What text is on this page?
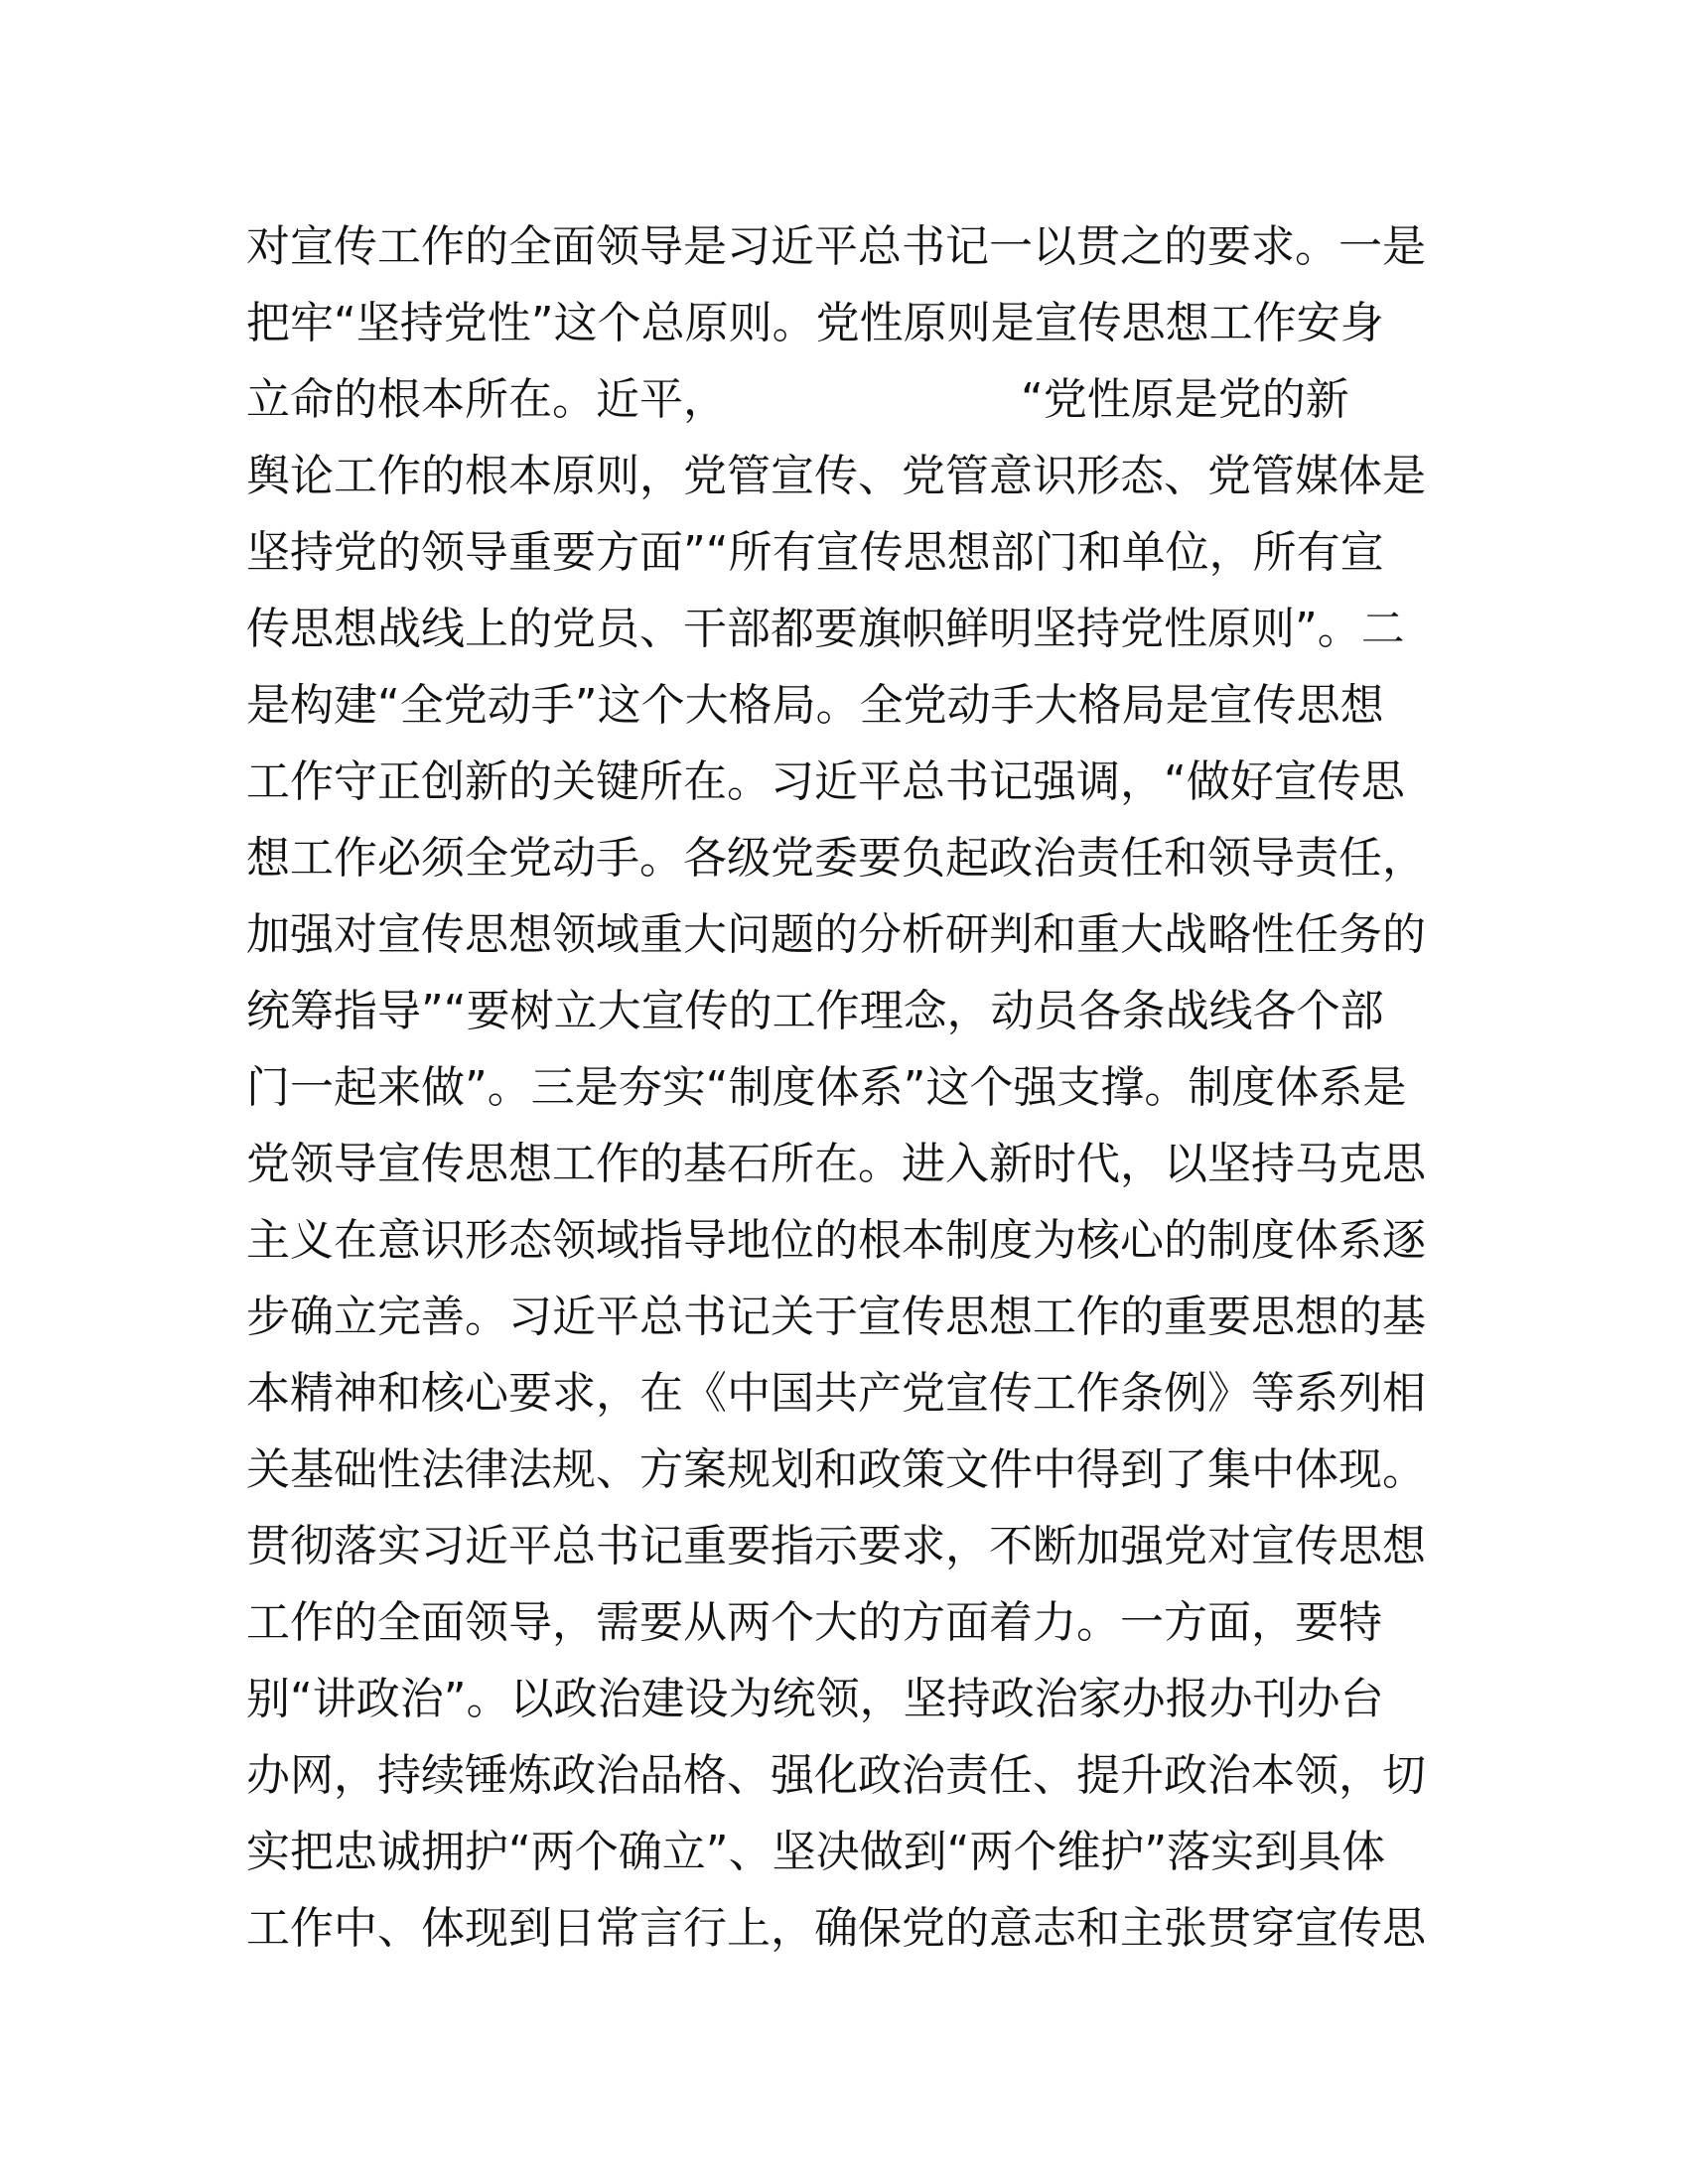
对宣传工作的全面领导是习近平总书记一以贯之的要求。一是
把牢“坚持党性”这个总原则。党性原则是宣传思想工作安身
立命的根本所在。近平，	“党性原是党的新
舆论工作的根本原则，党管宣传、党管意识形态、党管媒体是
坚持党的领导重要方面”“所有宣传思想部门和单位，所有宣
传思想战线上的党员、干部都要旗帜鲜明坚持党性原则”。二
是构建“全党动手”这个大格局。全党动手大格局是宣传思想
工作守正创新的关键所在。习近平总书记强调，“做好宣传思
想工作必须全党动手。各级党委要负起政治责任和领导责任，
加强对宣传思想领域重大问题的分析研判和重大战略性任务的
统筹指导”“要树立大宣传的工作理念，动员各条战线各个部
门一起来做”。三是夯实“制度体系”这个强支撑。制度体系是
党领导宣传思想工作的基石所在。进入新时代，以坚持马克思
主义在意识形态领域指导地位的根本制度为核心的制度体系逐
步确立完善。习近平总书记关于宣传思想工作的重要思想的基
本精神和核心要求，在《中国共产党宣传工作条例》等系列相
关基础性法律法规、方案规划和政策文件中得到了集中体现。
贯彻落实习近平总书记重要指示要求，不断加强党对宣传思想
工作的全面领导，需要从两个大的方面着力。一方面，要特
别“讲政治”。以政治建设为统领，坚持政治家办报办刊办台
办网，持续锤炼政治品格、强化政治责任、提升政治本领，切
实把忠诚拥护“两个确立”、坚决做到“两个维护”落实到具体
工作中、体现到日常言行上，确保党的意志和主张贯穿宣传思
